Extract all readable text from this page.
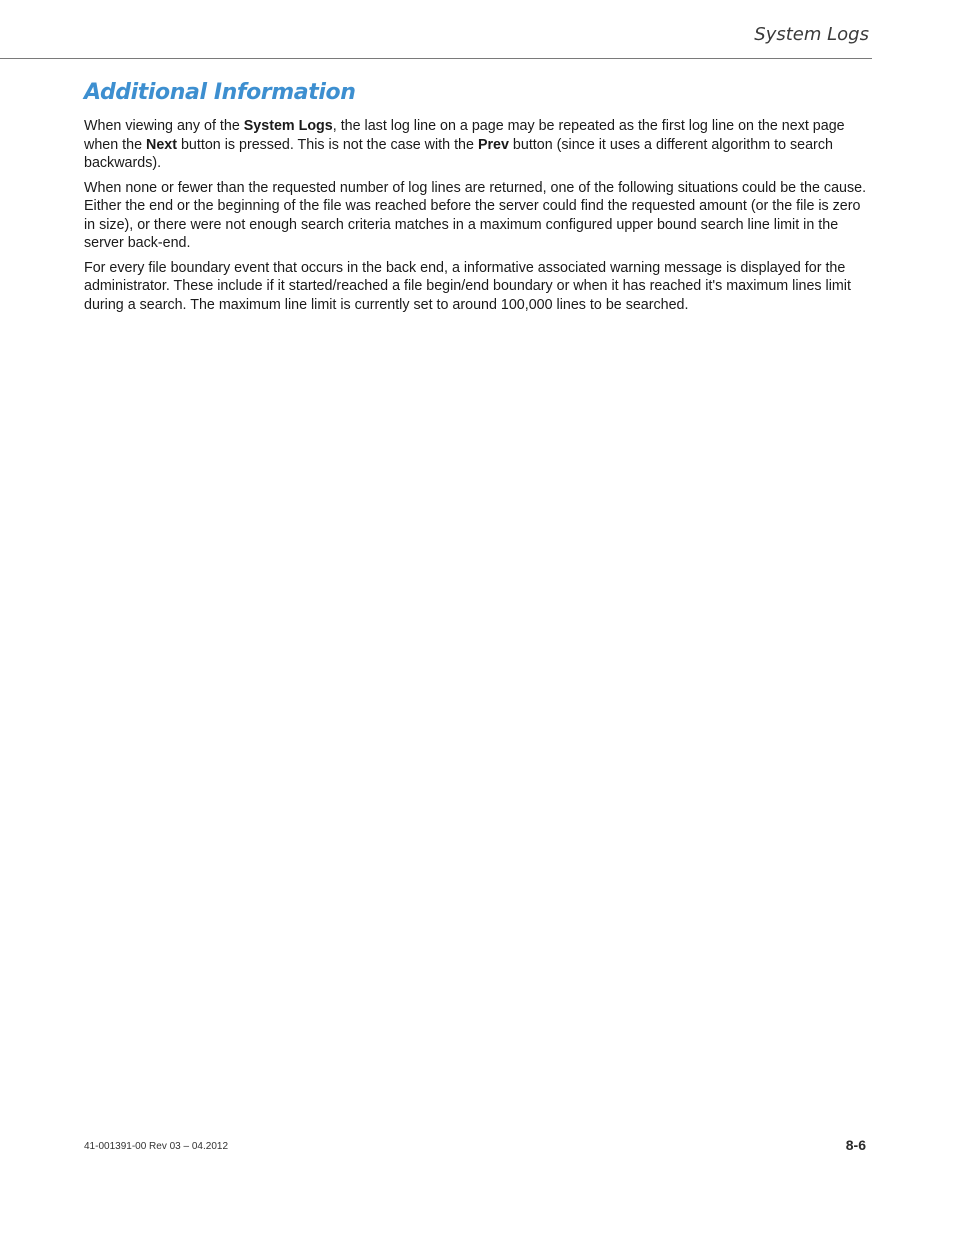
System Logs
Additional Information

When viewing any of the System Logs, the last log line on a page may be repeated as the first log line on the next page when the Next button is pressed. This is not the case with the Prev button (since it uses a different algorithm to search backwards).

When none or fewer than the requested number of log lines are returned, one of the following situations could be the cause. Either the end or the beginning of the file was reached before the server could find the requested amount (or the file is zero in size), or there were not enough search criteria matches in a maximum configured upper bound search line limit in the server back-end.

For every file boundary event that occurs in the back end, a informative associated warning message is displayed for the administrator. These include if it started/reached a file begin/end boundary or when it has reached it's maximum lines limit during a search. The maximum line limit is currently set to around 100,000 lines to be searched.

41-001391-00 Rev 03 – 04.2012	8-6
